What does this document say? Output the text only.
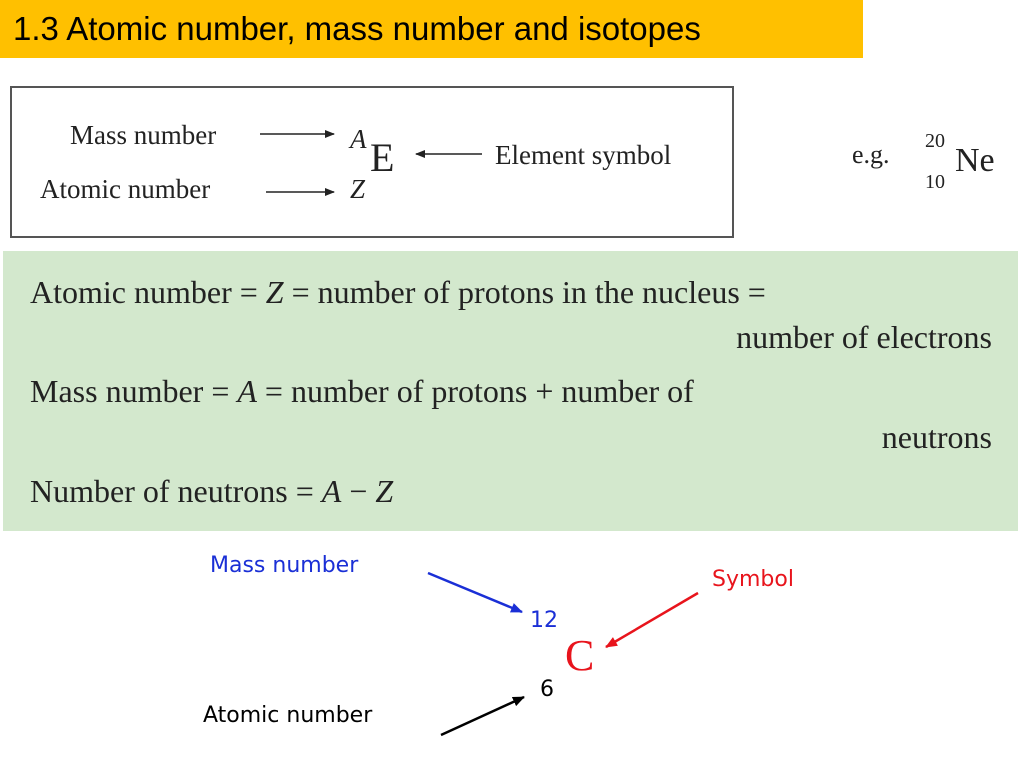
1.3 Atomic number, mass number and isotopes
Mass number
Atomic number
A
Z
E	Element symbol	e.g. 20
10
Ne
Atomic number = Z = number of protons in the nucleus =
number of electrons
Mass number = A = number of protons + number of
neutrons
Number of neutrons = A − Z
Mass number
Symbol
Atomic number
12
6
C
